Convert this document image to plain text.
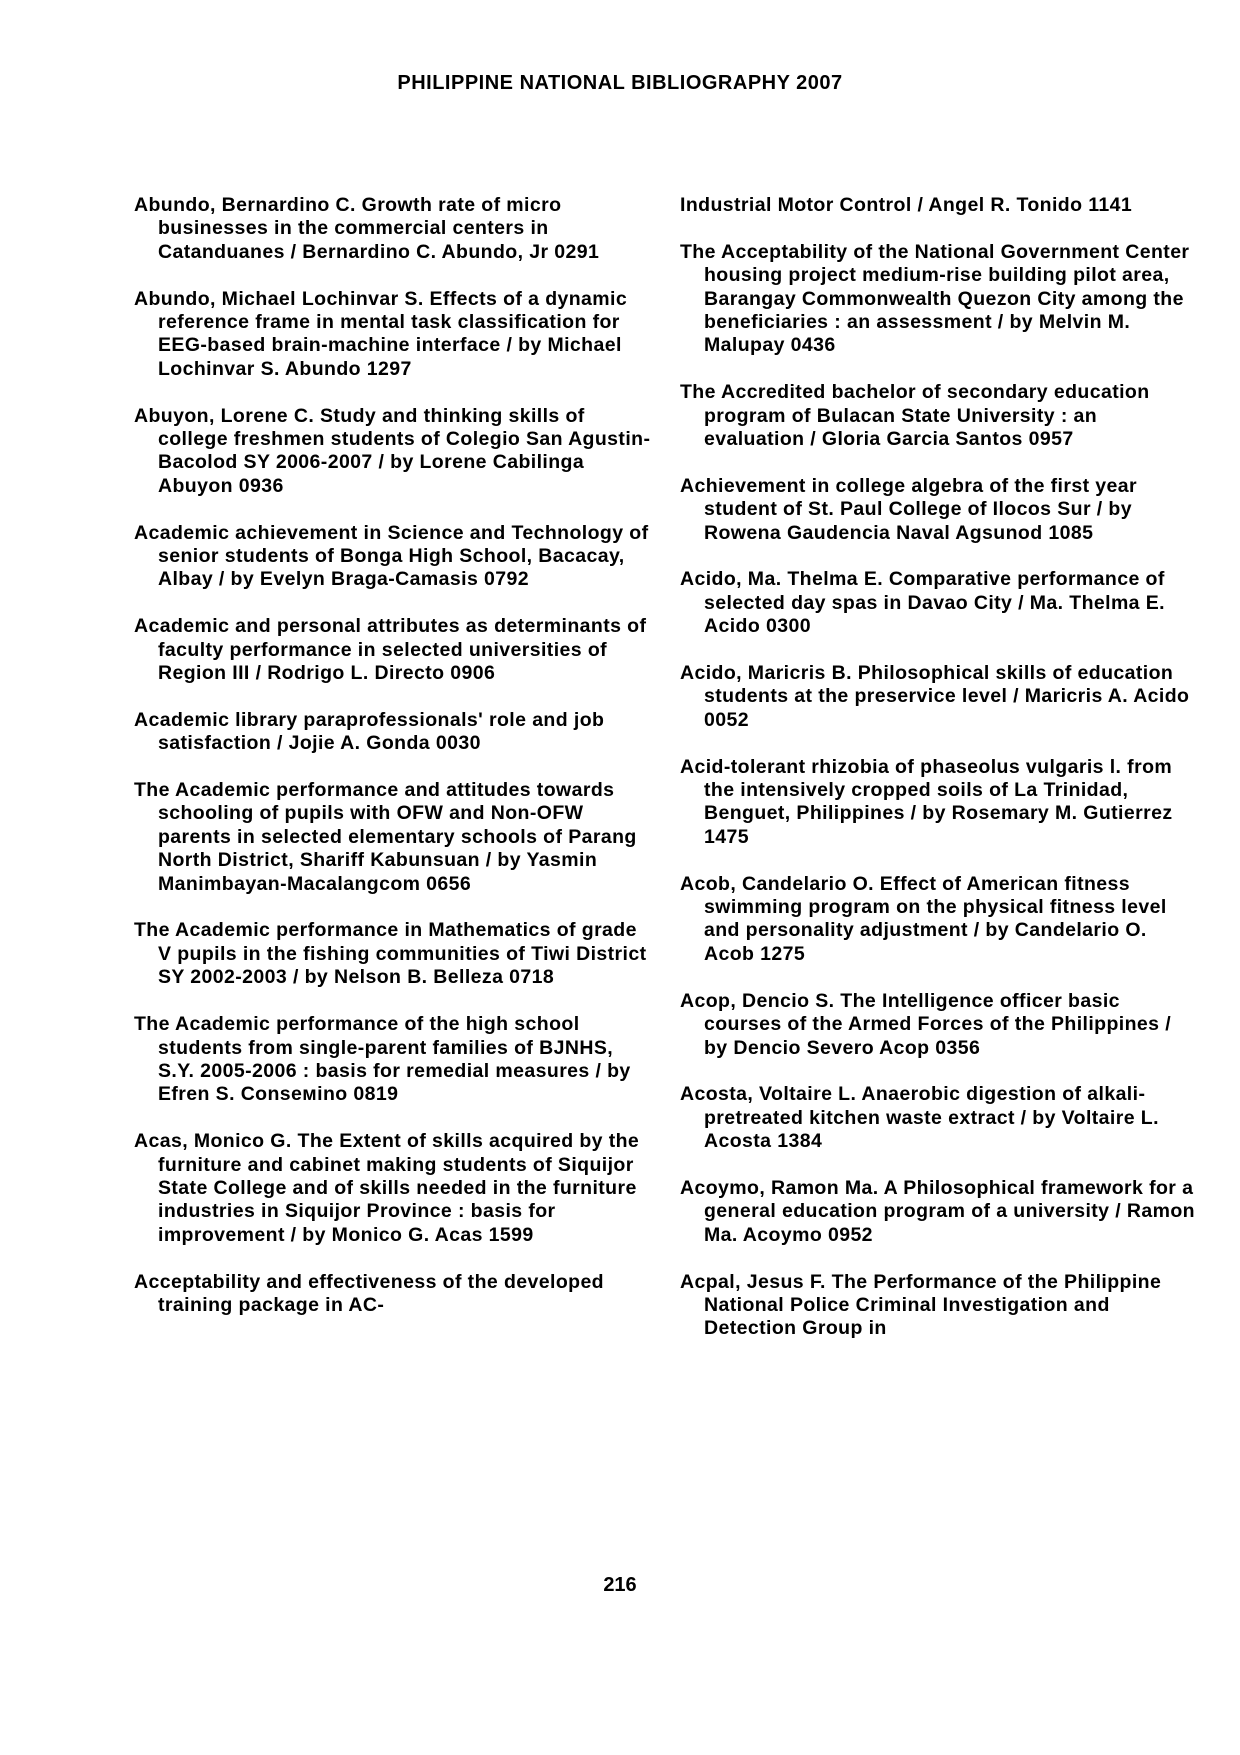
PHILIPPINE NATIONAL BIBLIOGRAPHY 2007

Abundo, Bernardino C. Growth rate of micro businesses in the commercial centers in Catanduanes / Bernardino C. Abundo, Jr 0291

Abundo, Michael Lochinvar S. Effects of a dynamic reference frame in mental task classification for EEG-based brain-machine interface / by Michael Lochinvar S. Abundo 1297

Abuyon, Lorene C. Study and thinking skills of college freshmen students of Colegio San Agustin-Bacolod SY 2006-2007 / by Lorene Cabilinga Abuyon 0936

Academic achievement in Science and Technology of senior students of Bonga High School, Bacacay, Albay / by Evelyn Braga-Camasis 0792

Academic and personal attributes as determinants of faculty performance in selected universities of Region III / Rodrigo L. Directo 0906

Academic library paraprofessionals' role and job satisfaction / Jojie A. Gonda 0030

The Academic performance and attitudes towards schooling of pupils with OFW and Non-OFW parents in selected elementary schools of Parang North District, Shariff Kabunsuan / by Yasmin Manimbayan-Macalangcom 0656

The Academic performance in Mathematics of grade V pupils in the fishing communities of Tiwi District SY 2002-2003 / by Nelson B. Belleza 0718

The Academic performance of the high school students from single-parent families of BJNHS, S.Y. 2005-2006 : basis for remedial measures / by Efren S. Conseмino 0819

Acas, Monico G. The Extent of skills acquired by the furniture and cabinet making students of Siquijor State College and of skills needed in the furniture industries in Siquijor Province : basis for improvement / by Monico G. Acas 1599

Acceptability and effectiveness of the developed training package in AC-

Industrial Motor Control / Angel R. Tonido 1141

The Acceptability of the National Government Center housing project medium-rise building pilot area, Barangay Commonwealth Quezon City among the beneficiaries : an assessment / by Melvin M. Malupay 0436

The Accredited bachelor of secondary education program of Bulacan State University : an evaluation / Gloria Garcia Santos 0957

Achievement in college algebra of the first year student of St. Paul College of Ilocos Sur / by Rowena Gaudencia Naval Agsunod 1085

Acido, Ma. Thelma E. Comparative performance of selected day spas in Davao City / Ma. Thelma E. Acido 0300

Acido, Maricris B. Philosophical skills of education students at the preservice level / Maricris A. Acido 0052

Acid-tolerant rhizobia of phaseolus vulgaris l. from the intensively cropped soils of La Trinidad, Benguet, Philippines / by Rosemary M. Gutierrez 1475

Acob, Candelario O. Effect of American fitness swimming program on the physical fitness level and personality adjustment / by Candelario O. Acob 1275

Acop, Dencio S. The Intelligence officer basic courses of the Armed Forces of the Philippines / by Dencio Severo Acop 0356

Acosta, Voltaire L. Anaerobic digestion of alkali-pretreated kitchen waste extract / by Voltaire L. Acosta 1384

Acoymo, Ramon Ma. A Philosophical framework for a general education program of a university / Ramon Ma. Acoymo 0952

Acpal, Jesus F. The Performance of the Philippine National Police Criminal Investigation and Detection Group in

216
